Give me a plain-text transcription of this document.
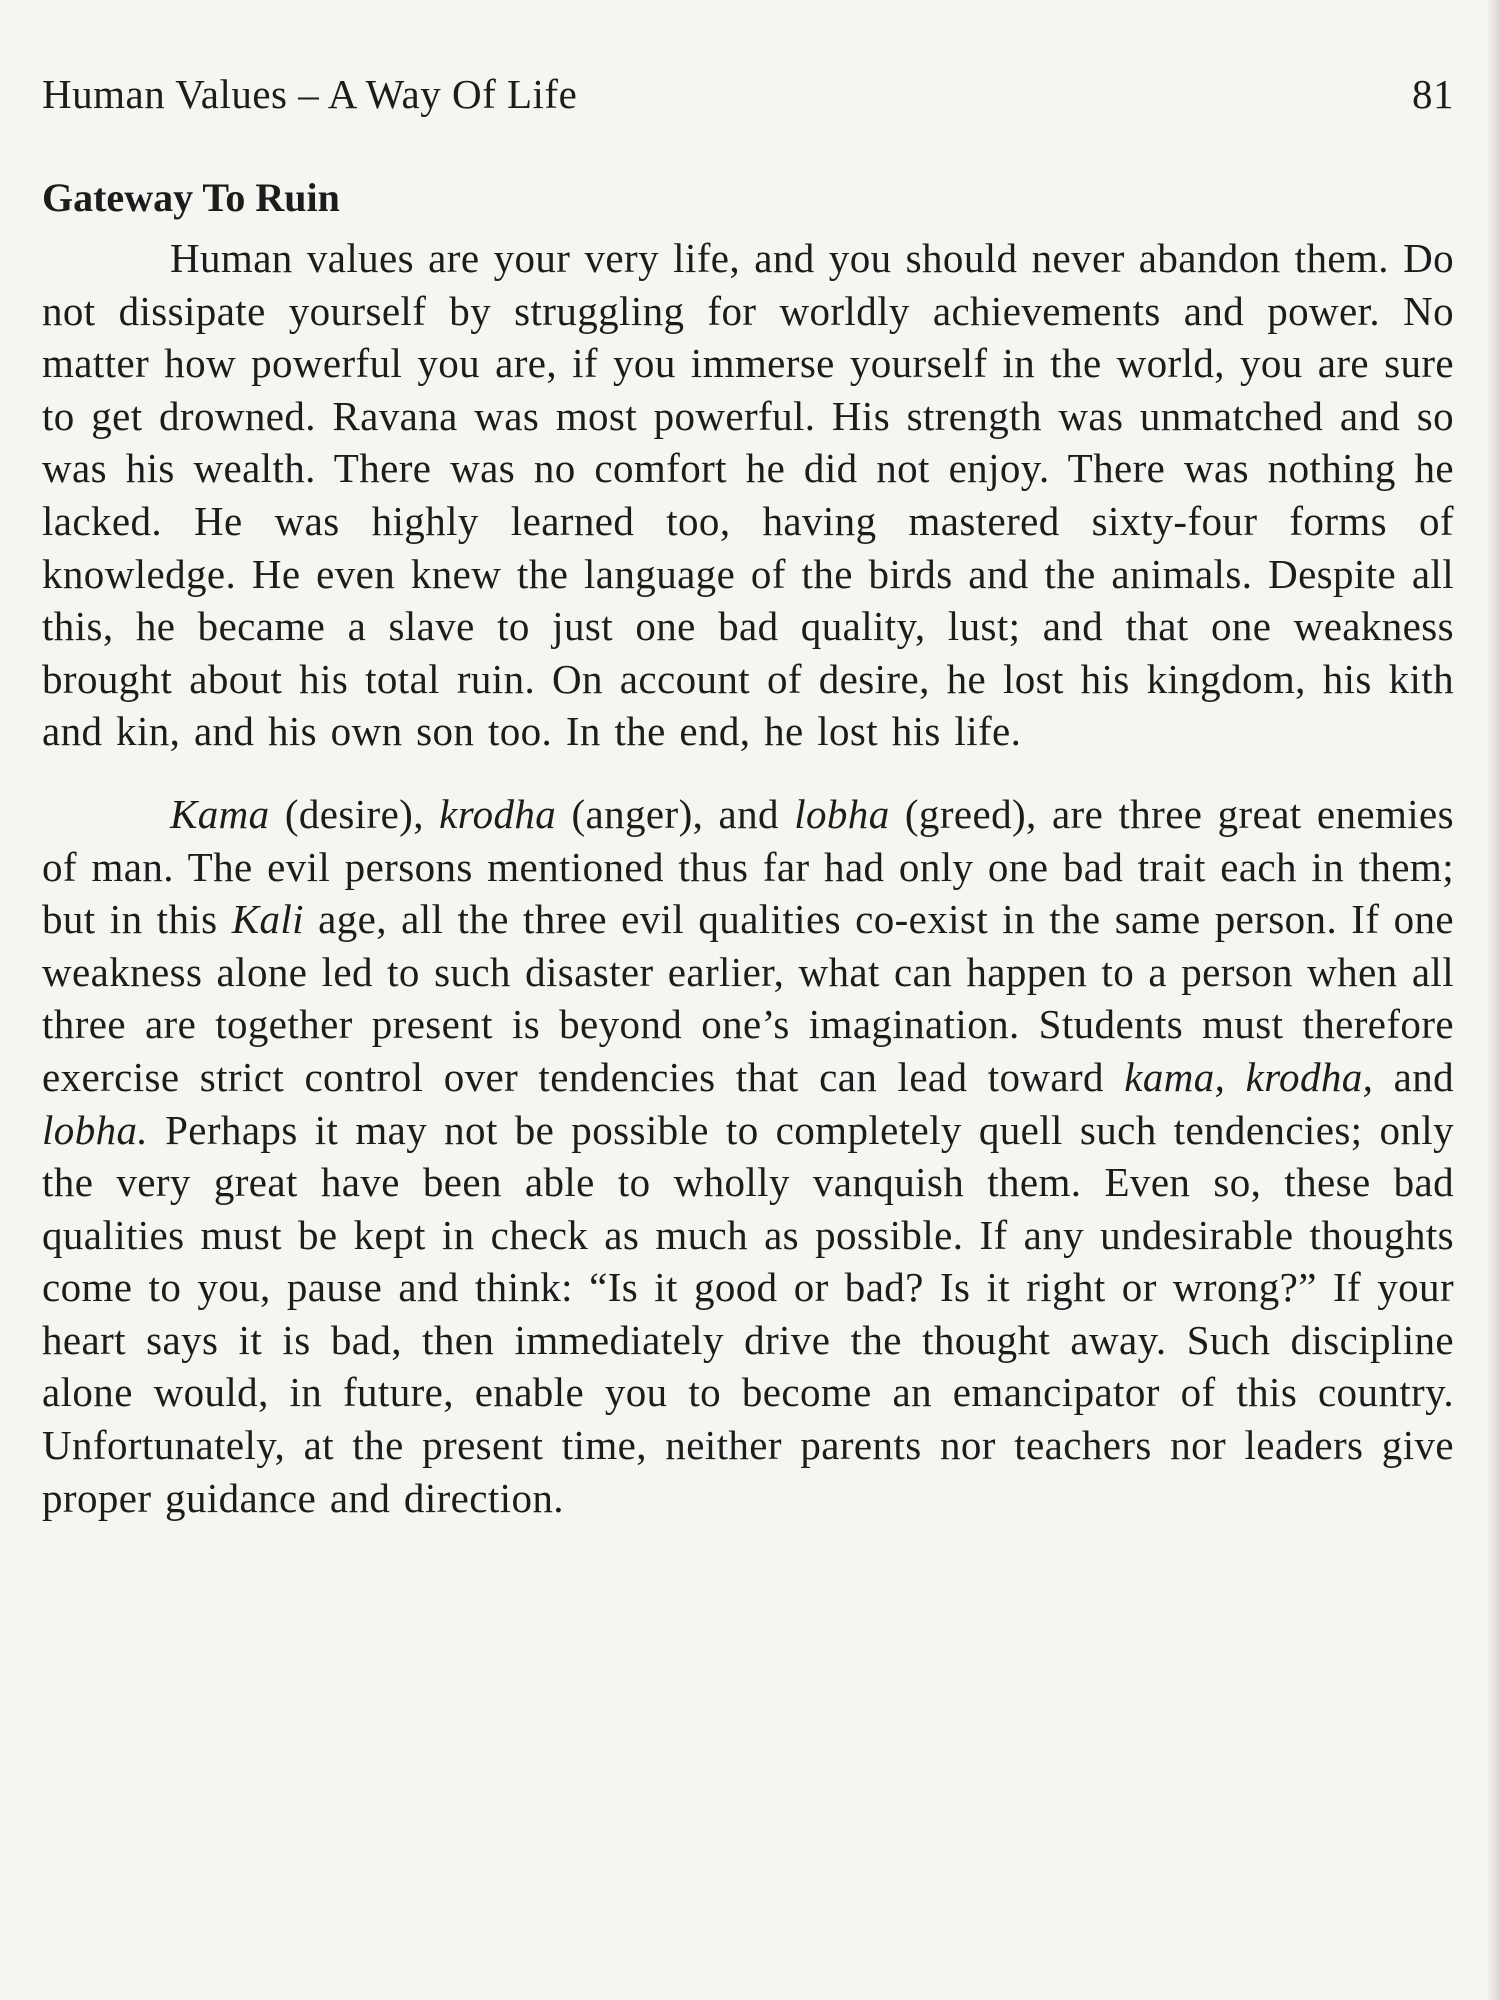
Human Values – A Way Of Life	81
Gateway To Ruin

Human values are your very life, and you should never abandon them. Do not dissipate yourself by struggling for worldly achievements and power. No matter how powerful you are, if you immerse yourself in the world, you are sure to get drowned. Ravana was most powerful. His strength was unmatched and so was his wealth. There was no comfort he did not enjoy. There was nothing he lacked. He was highly learned too, having mastered sixty-four forms of knowledge. He even knew the language of the birds and the animals. Despite all this, he became a slave to just one bad quality, lust; and that one weakness brought about his total ruin. On account of desire, he lost his kingdom, his kith and kin, and his own son too. In the end, he lost his life.

Kama (desire), krodha (anger), and lobha (greed), are three great enemies of man. The evil persons mentioned thus far had only one bad trait each in them; but in this Kali age, all the three evil qualities co-exist in the same person. If one weakness alone led to such disaster earlier, what can happen to a person when all three are together present is beyond one’s imagination. Students must therefore exercise strict control over tendencies that can lead toward kama, krodha, and lobha. Perhaps it may not be possible to completely quell such tendencies; only the very great have been able to wholly vanquish them. Even so, these bad qualities must be kept in check as much as possible. If any undesirable thoughts come to you, pause and think: “Is it good or bad? Is it right or wrong?” If your heart says it is bad, then immediately drive the thought away. Such discipline alone would, in future, enable you to become an emancipator of this country. Unfortunately, at the present time, neither parents nor teachers nor leaders give proper guidance and direction.
